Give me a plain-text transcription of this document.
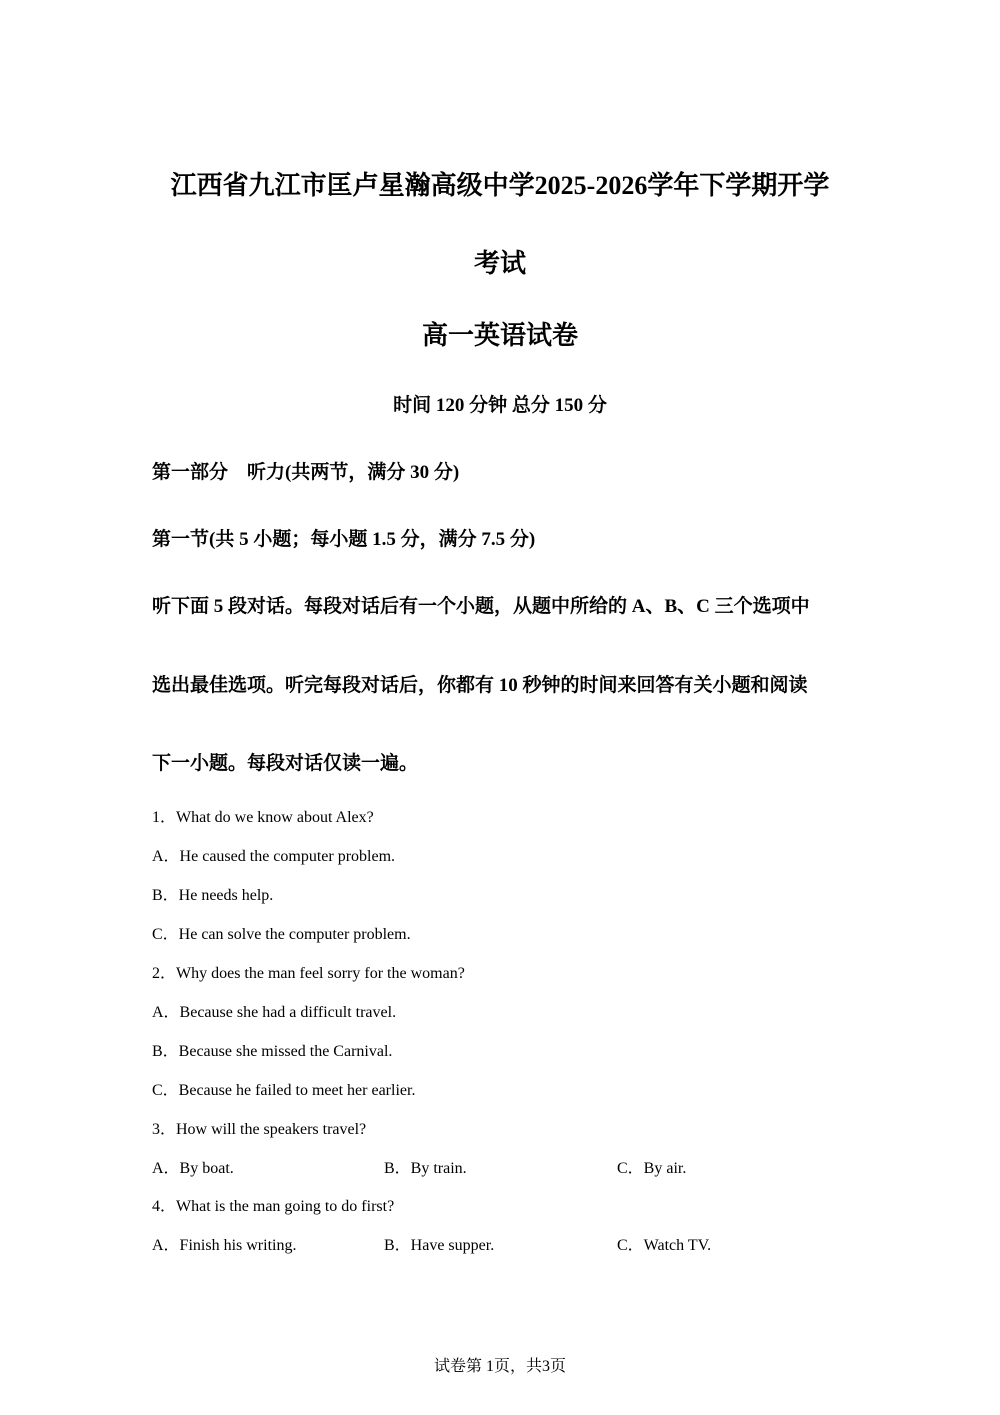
江西省九江市匡卢星瀚高级中学2025-2026学年下学期开学
考试
高一英语试卷
时间 120 分钟 总分 150 分
第一部分　听力(共两节，满分 30 分)
第一节(共 5 小题；每小题 1.5 分，满分 7.5 分)
听下面 5 段对话。每段对话后有一个小题，从题中所给的 A、B、C 三个选项中
选出最佳选项。听完每段对话后，你都有 10 秒钟的时间来回答有关小题和阅读
下一小题。每段对话仅读一遍。
1．What do we know about Alex?
A．He caused the computer problem.
B．He needs help.
C．He can solve the computer problem.
2．Why does the man feel sorry for the woman?
A．Because she had a difficult travel.
B．Because she missed the Carnival.
C．Because he failed to meet her earlier.
3．How will the speakers travel?
A．By boat.	B．By train.	C．By air.
4．What is the man going to do first?
A．Finish his writing.	B．Have supper.	C．Watch TV.
试卷第 1页，共3页
